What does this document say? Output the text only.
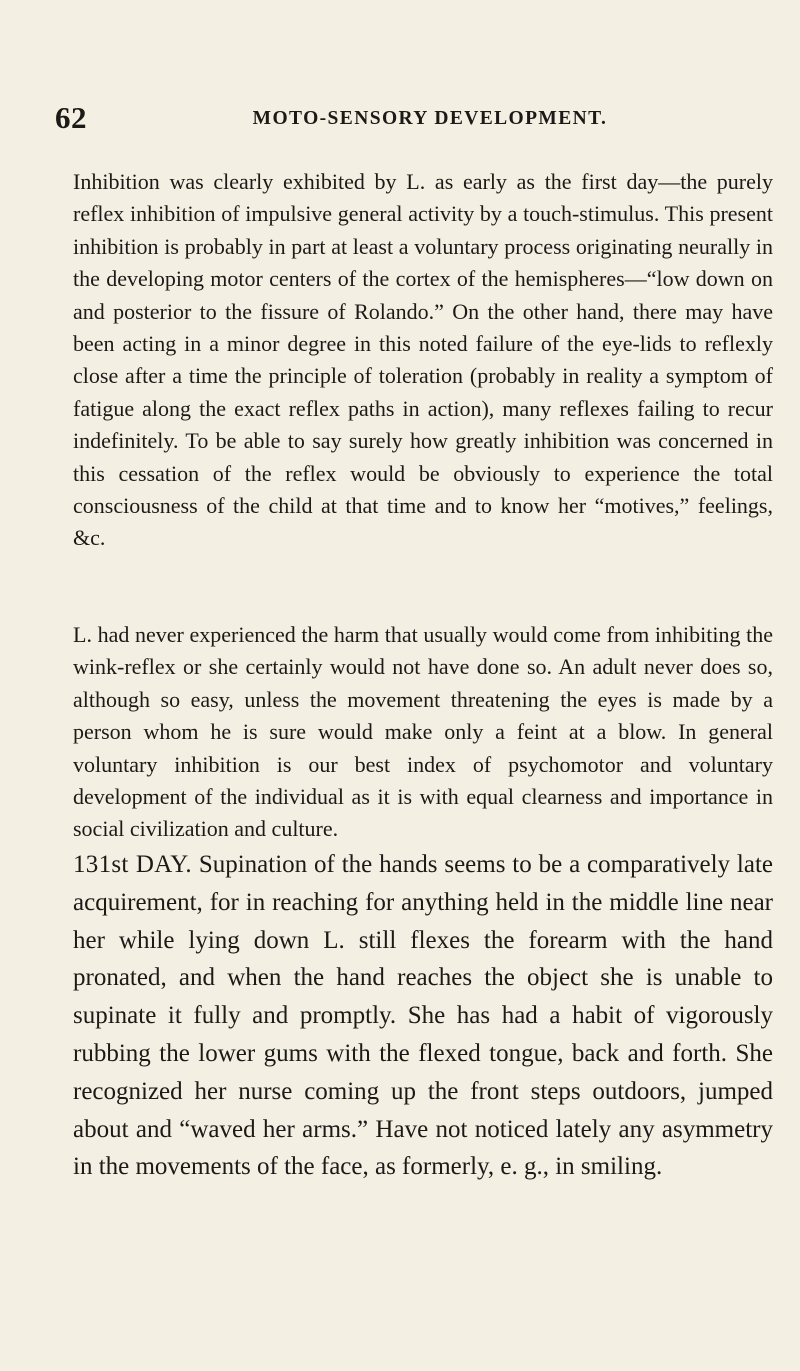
62	MOTO-SENSORY DEVELOPMENT.

Inhibition was clearly exhibited by L. as early as the first day—the purely reflex inhibition of impulsive general activity by a touch-stimulus. This present inhibition is probably in part at least a voluntary process originating neurally in the developing motor centers of the cortex of the hemispheres—“low down on and posterior to the fissure of Rolando.” On the other hand, there may have been acting in a minor degree in this noted failure of the eye-lids to reflexly close after a time the principle of toleration (probably in reality a symptom of fatigue along the exact reflex paths in action), many reflexes failing to recur indefinitely. To be able to say surely how greatly inhibition was concerned in this cessation of the reflex would be obviously to experience the total consciousness of the child at that time and to know her “motives,” feelings, &c.

L. had never experienced the harm that usually would come from inhibiting the wink-reflex or she certainly would not have done so. An adult never does so, although so easy, unless the movement threatening the eyes is made by a person whom he is sure would make only a feint at a blow. In general voluntary inhibition is our best index of psychomotor and voluntary development of the individual as it is with equal clearness and importance in social civilization and culture.

131st DAY. Supination of the hands seems to be a comparatively late acquirement, for in reaching for anything held in the middle line near her while lying down L. still flexes the forearm with the hand pronated, and when the hand reaches the object she is unable to supinate it fully and promptly. She has had a habit of vigorously rubbing the lower gums with the flexed tongue, back and forth. She recognized her nurse coming up the front steps outdoors, jumped about and “waved her arms.” Have not noticed lately any asymmetry in the movements of the face, as formerly, e. g., in smiling.
